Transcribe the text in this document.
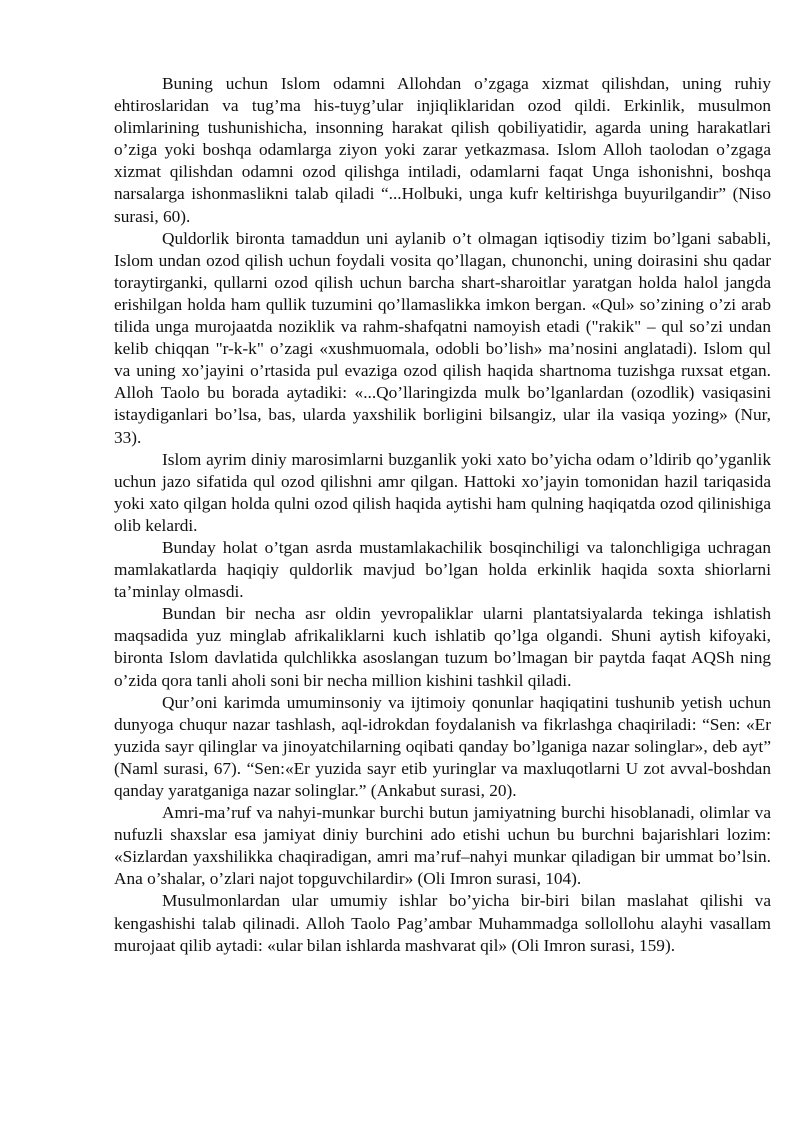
Buning uchun Islom odamni Allohdan o’zgaga xizmat qilishdan, uning ruhiy ehtiroslaridan va tug’ma his-tuyg’ular injiqliklaridan ozod qildi. Erkinlik, musulmon olimlarining tushunishicha, insonning harakat qilish qobiliyatidir, agarda uning harakatlari o’ziga yoki boshqa odamlarga ziyon yoki zarar yetkazmasa. Islom Alloh taolodan o’zgaga xizmat qilishdan odamni ozod qilishga intiladi, odamlarni faqat Unga ishonishni, boshqa narsalarga ishonmaslikni talab qiladi “...Holbuki, unga kufr keltirishga buyurilgandir” (Niso surasi, 60).

Quldorlik bironta tamaddun uni aylanib o’t olmagan iqtisodiy tizim bo’lgani sababli, Islom undan ozod qilish uchun foydali vosita qo’llagan, chunonchi, uning doirasini shu qadar toraytirganki, qullarni ozod qilish uchun barcha shart-sharoitlar yaratgan holda halol jangda erishilgan holda ham qullik tuzumini qo’llamaslikka imkon bergan. «Qul» so’zining o’zi arab tilida unga murojaatda noziklik va rahm-shafqatni namoyish etadi ("rakik" – qul so’zi undan kelib chiqqan "r-k-k" o’zagi «xushmuomala, odobli bo’lish» ma’nosini anglatadi). Islom qul va uning xo’jayini o’rtasida pul evaziga ozod qilish haqida shartnoma tuzishga ruxsat etgan. Alloh Taolo bu borada aytadiki: «...Qo’llaringizda mulk bo’lganlardan (ozodlik) vasiqasini istaydiganlari bo’lsa, bas, ularda yaxshilik borligini bilsangiz, ular ila vasiqa yozing» (Nur, 33).

Islom ayrim diniy marosimlarni buzganlik yoki xato bo’yicha odam o’ldirib qo’yganlik uchun jazo sifatida qul ozod qilishni amr qilgan. Hattoki xo’jayin tomonidan hazil tariqasida yoki xato qilgan holda qulni ozod qilish haqida aytishi ham qulning haqiqatda ozod qilinishiga olib kelardi.

Bunday holat o’tgan asrda mustamlakachilik bosqinchiligi va talonchligiga uchragan mamlakatlarda haqiqiy quldorlik mavjud bo’lgan holda erkinlik haqida soxta shiorlarni ta’minlay olmasdi.

Bundan bir necha asr oldin yevropaliklar ularni plantatsiyalarda tekinga ishlatish maqsadida yuz minglab afrikaliklarni kuch ishlatib qo’lga olgandi. Shuni aytish kifoyaki, bironta Islom davlatida qulchlikka asoslangan tuzum bo’lmagan bir paytda faqat AQSh ning o’zida qora tanli aholi soni bir necha million kishini tashkil qiladi.

Qur’oni karimda umuminsoniy va ijtimoiy qonunlar haqiqatini tushunib yetish uchun dunyoga chuqur nazar tashlash, aql-idrokdan foydalanish va fikrlashga chaqiriladi: “Sen: «Er yuzida sayr qilinglar va jinoyatchilarning oqibati qanday bo’lganiga nazar solinglar», deb ayt” (Naml surasi, 67). “Sen:«Er yuzida sayr etib yuringlar va maxluqotlarni U zot avval-boshdan qanday yaratganiga nazar solinglar.” (Ankabut surasi, 20).

Amri-ma’ruf va nahyi-munkar burchi butun jamiyatning burchi hisoblanadi, olimlar va nufuzli shaxslar esa jamiyat diniy burchini ado etishi uchun bu burchni bajarishlari lozim: «Sizlardan yaxshilikka chaqiradigan, amri ma’ruf–nahyi munkar qiladigan bir ummat bo’lsin. Ana o’shalar, o’zlari najot topguvchilardir» (Oli Imron surasi, 104).

Musulmonlardan ular umumiy ishlar bo’yicha bir-biri bilan maslahat qilishi va kengashishi talab qilinadi. Alloh Taolo Pag’ambar Muhammadga sollollohu alayhi vasallam murojaat qilib aytadi: «ular bilan ishlarda mashvarat qil» (Oli Imron surasi, 159).
